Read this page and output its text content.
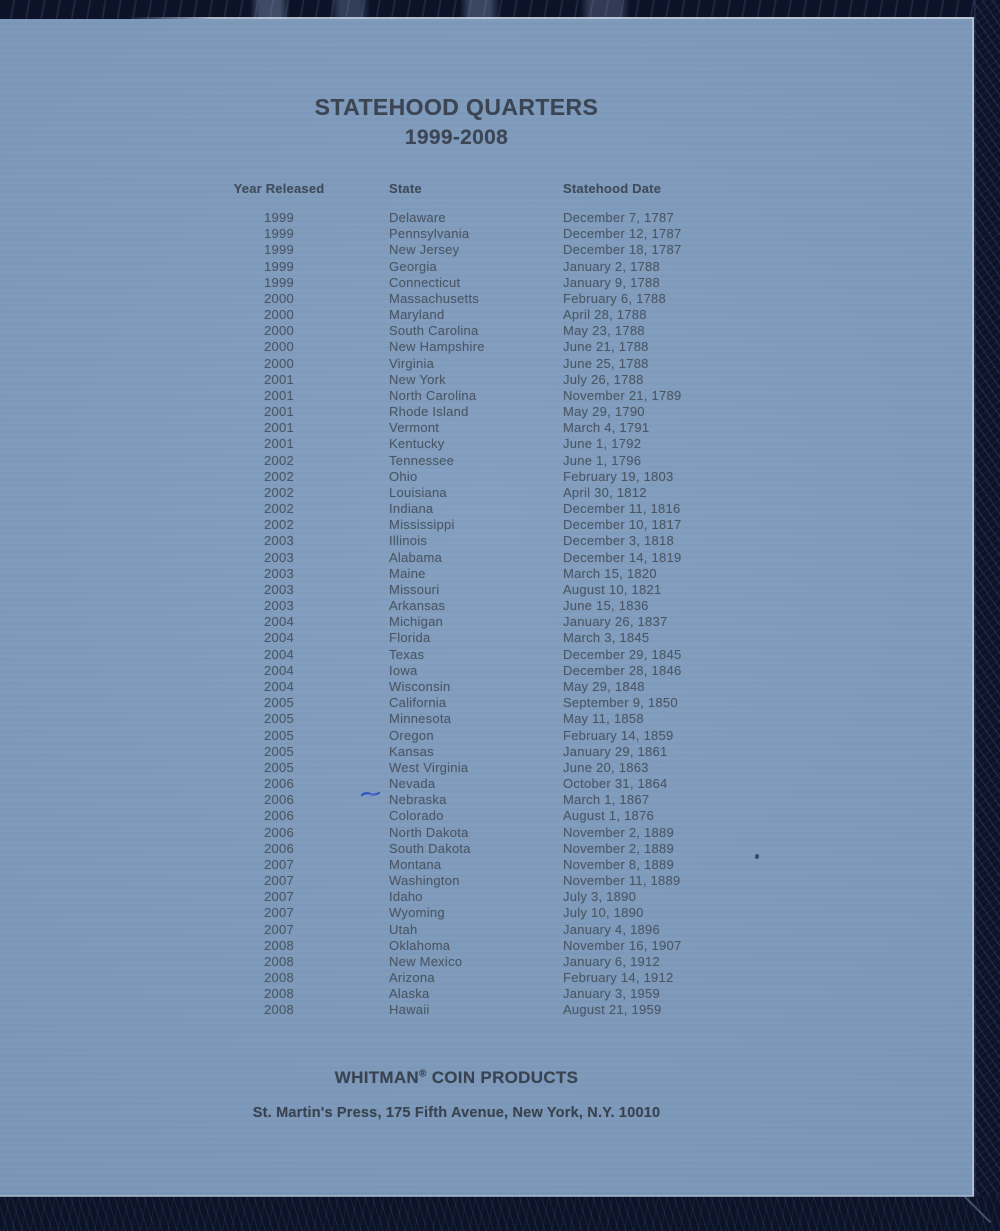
STATEHOOD QUARTERS
1999-2008
Year Released	State	Statehood Date
1999	Delaware	December 7, 1787
1999	Pennsylvania	December 12, 1787
1999	New Jersey	December 18, 1787
1999	Georgia	January 2, 1788
1999	Connecticut	January 9, 1788
2000	Massachusetts	February 6, 1788
2000	Maryland	April 28, 1788
2000	South Carolina	May 23, 1788
2000	New Hampshire	June 21, 1788
2000	Virginia	June 25, 1788
2001	New York	July 26, 1788
2001	North Carolina	November 21, 1789
2001	Rhode Island	May 29, 1790
2001	Vermont	March 4, 1791
2001	Kentucky	June 1, 1792
2002	Tennessee	June 1, 1796
2002	Ohio	February 19, 1803
2002	Louisiana	April 30, 1812
2002	Indiana	December 11, 1816
2002	Mississippi	December 10, 1817
2003	Illinois	December 3, 1818
2003	Alabama	December 14, 1819
2003	Maine	March 15, 1820
2003	Missouri	August 10, 1821
2003	Arkansas	June 15, 1836
2004	Michigan	January 26, 1837
2004	Florida	March 3, 1845
2004	Texas	December 29, 1845
2004	Iowa	December 28, 1846
2004	Wisconsin	May 29, 1848
2005	California	September 9, 1850
2005	Minnesota	May 11, 1858
2005	Oregon	February 14, 1859
2005	Kansas	January 29, 1861
2005	West Virginia	June 20, 1863
2006	Nevada	October 31, 1864
2006	Nebraska	March 1, 1867
2006	Colorado	August 1, 1876
2006	North Dakota	November 2, 1889
2006	South Dakota	November 2, 1889
2007	Montana	November 8, 1889
2007	Washington	November 11, 1889
2007	Idaho	July 3, 1890
2007	Wyoming	July 10, 1890
2007	Utah	January 4, 1896
2008	Oklahoma	November 16, 1907
2008	New Mexico	January 6, 1912
2008	Arizona	February 14, 1912
2008	Alaska	January 3, 1959
2008	Hawaii	August 21, 1959
WHITMAN® COIN PRODUCTS
St. Martin's Press, 175 Fifth Avenue, New York, N.Y. 10010
